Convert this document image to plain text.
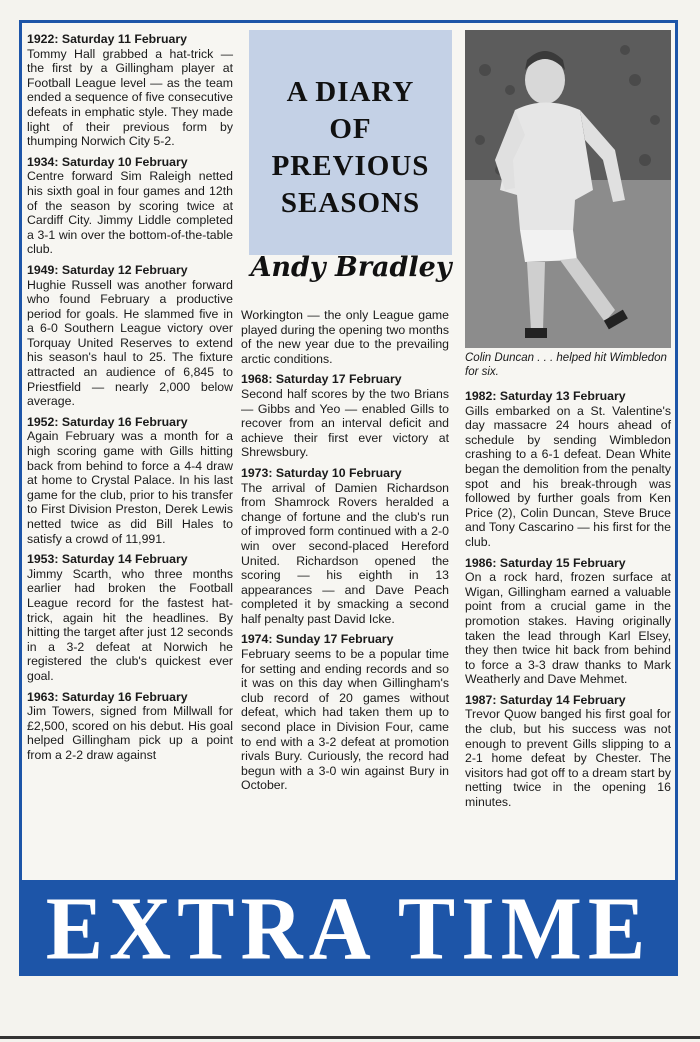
1922: Saturday 11 February
Tommy Hall grabbed a hat-trick — the first by a Gillingham player at Football League level — as the team ended a sequence of five consecutive defeats in emphatic style. They made light of their previous form by thumping Norwich City 5-2.

1934: Saturday 10 February
Centre forward Sim Raleigh netted his sixth goal in four games and 12th of the season by scoring twice at Cardiff City. Jimmy Liddle completed a 3-1 win over the bottom-of-the-table club.

1949: Saturday 12 February
Hughie Russell was another forward who found February a productive period for goals. He slammed five in a 6-0 Southern League victory over Torquay United Reserves to extend his season's haul to 25. The fixture attracted an audience of 6,845 to Priestfield — nearly 2,000 below average.

1952: Saturday 16 February
Again February was a month for a high scoring game with Gills hitting back from behind to force a 4-4 draw at home to Crystal Palace. In his last game for the club, prior to his transfer to First Division Preston, Derek Lewis netted twice as did Bill Hales to satisfy a crowd of 11,991.

1953: Saturday 14 February
Jimmy Scarth, who three months earlier had broken the Football League record for the fastest hat-trick, again hit the headlines. By hitting the target after just 12 seconds in a 3-2 defeat at Norwich he registered the club's quickest ever goal.

1963: Saturday 16 February
Jim Towers, signed from Millwall for £2,500, scored on his debut. His goal helped Gillingham pick up a point from a 2-2 draw against

A DIARY
OF
PREVIOUS
SEASONS
Andy Bradley

Workington — the only League game played during the opening two months of the new year due to the prevailing arctic conditions.

1968: Saturday 17 February
Second half scores by the two Brians — Gibbs and Yeo — enabled Gills to recover from an interval deficit and achieve their first ever victory at Shrewsbury.

1973: Saturday 10 February
The arrival of Damien Richardson from Shamrock Rovers heralded a change of fortune and the club's run of improved form continued with a 2-0 win over second-placed Hereford United. Richardson opened the scoring — his eighth in 13 appearances — and Dave Peach completed it by smacking a second half penalty past David Icke.

1974: Sunday 17 February
February seems to be a popular time for setting and ending records and so it was on this day when Gillingham's club record of 20 games without defeat, which had taken them up to second place in Division Four, came to end with a 3-2 defeat at promotion rivals Bury. Curiously, the record had begun with a 3-0 win against Bury in October.

Colin Duncan . . . helped hit Wimbledon for six.

1982: Saturday 13 February
Gills embarked on a St. Valentine's day massacre 24 hours ahead of schedule by sending Wimbledon crashing to a 6-1 defeat. Dean White began the demolition from the penalty spot and his break-through was followed by further goals from Ken Price (2), Colin Duncan, Steve Bruce and Tony Cascarino — his first for the club.

1986: Saturday 15 February
On a rock hard, frozen surface at Wigan, Gillingham earned a valuable point from a crucial game in the promotion stakes. Having originally taken the lead through Karl Elsey, they then twice hit back from behind to force a 3-3 draw thanks to Mark Weatherly and Dave Mehmet.

1987: Saturday 14 February
Trevor Quow banged his first goal for the club, but his success was not enough to prevent Gills slipping to a 2-1 home defeat by Chester. The visitors had got off to a dream start by netting twice in the opening 16 minutes.

EXTRA TIME
